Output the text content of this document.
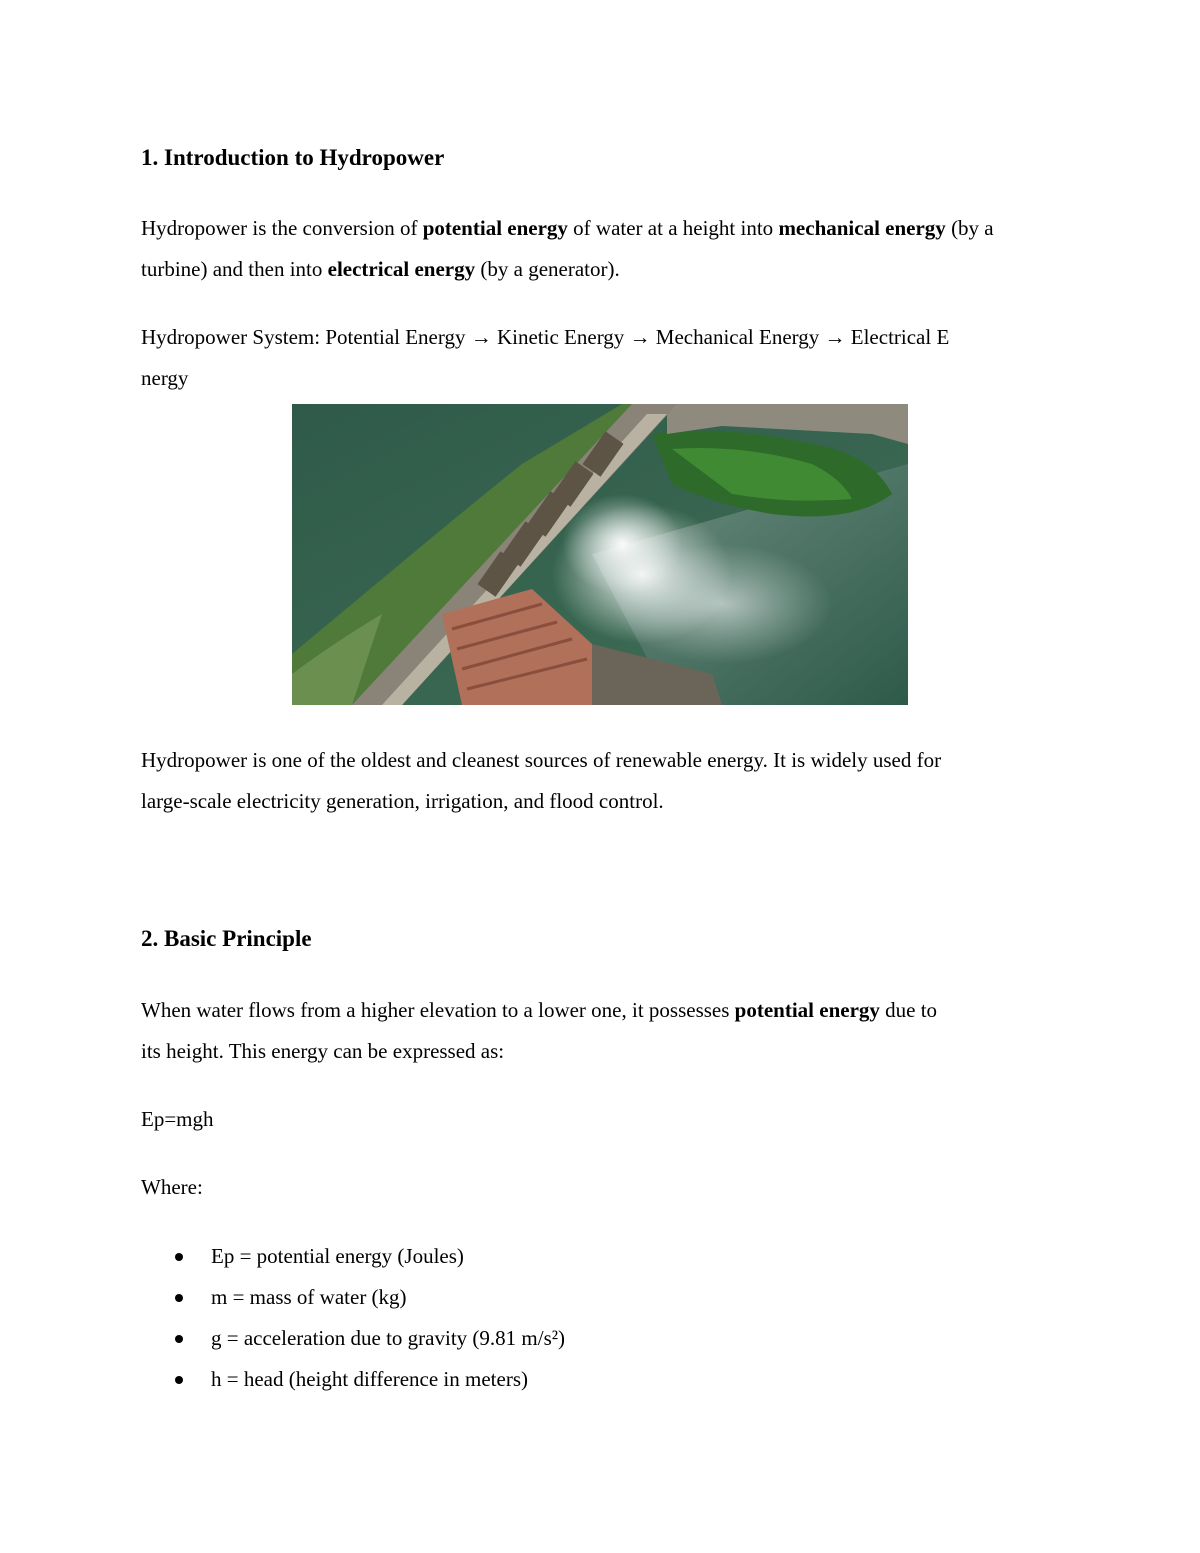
1. Introduction to Hydropower

Hydropower is the conversion of potential energy of water at a height into mechanical energy (by a turbine) and then into electrical energy (by a generator).

Hydropower System: Potential Energy → Kinetic Energy → Mechanical Energy → Electrical E
nergy

Hydropower is one of the oldest and cleanest sources of renewable energy. It is widely used for
large-scale electricity generation, irrigation, and flood control.

2. Basic Principle

When water flows from a higher elevation to a lower one, it possesses potential energy due to
its height. This energy can be expressed as:

Ep=mgh

Where:

Ep = potential energy (Joules)
m = mass of water (kg)
g = acceleration due to gravity (9.81 m/s²)
h = head (height difference in meters)
